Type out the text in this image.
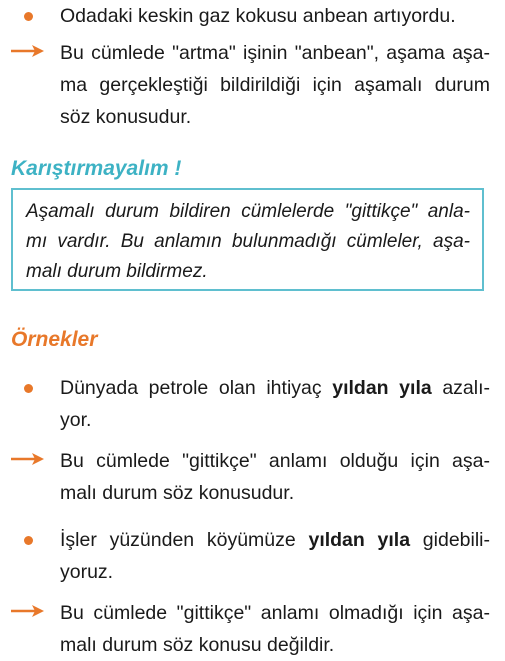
Odadaki keskin gaz kokusu anbean artıyordu.
Bu cümlede "artma" işinin "anbean", aşama aşa-
ma gerçekleştiği bildirildiği için aşamalı durum
söz konusudur.
Karıştırmayalım !
Aşamalı durum bildiren cümlelerde "gittikçe" anla-
mı vardır. Bu anlamın bulunmadığı cümleler, aşa-
malı durum bildirmez.
Örnekler
Dünyada petrole olan ihtiyaç yıldan yıla azalı-
yor.
Bu cümlede "gittikçe" anlamı olduğu için aşa-
malı durum söz konusudur.
İşler yüzünden köyümüze yıldan yıla gidebili-
yoruz.
Bu cümlede "gittikçe" anlamı olmadığı için aşa-
malı durum söz konusu değildir.
